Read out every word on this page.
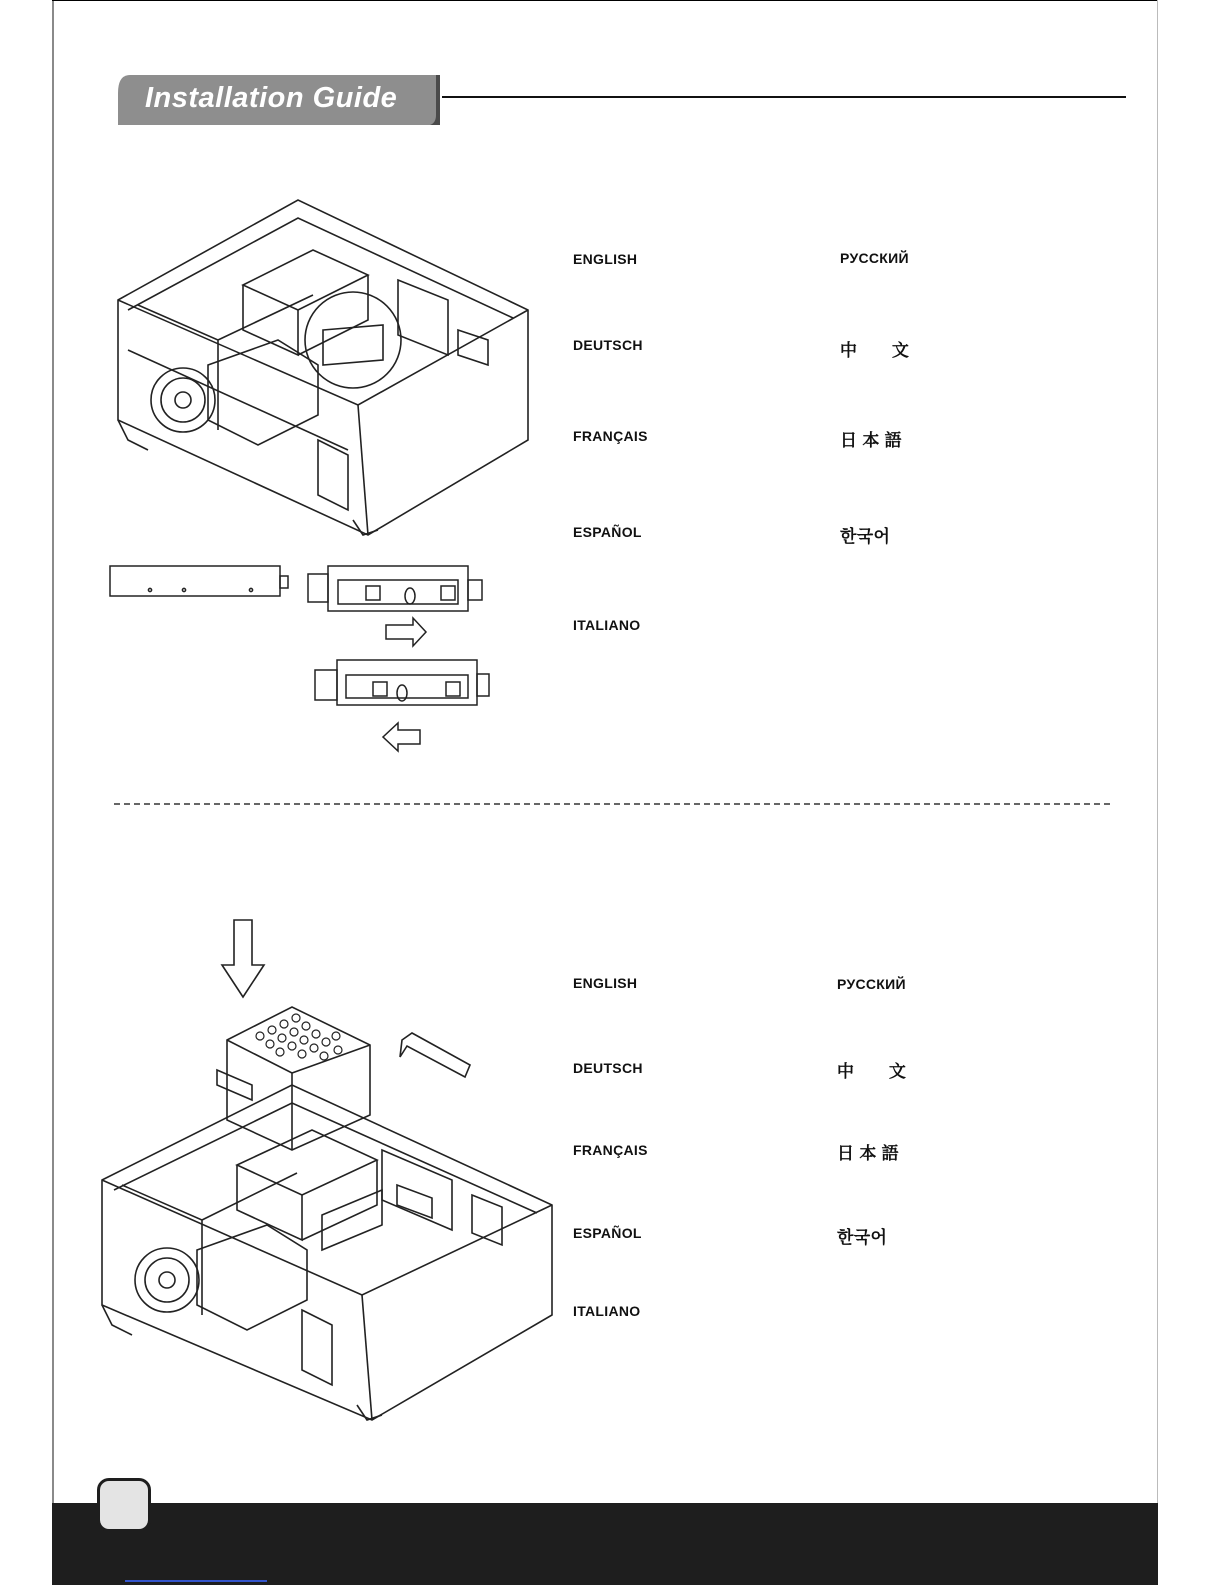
Installation Guide
ENGLISH
DEUTSCH
FRANÇAIS
ESPAÑOL
ITALIANO
РУССКИЙ
中　　文
日 本 語
한국어
ENGLISH
DEUTSCH
FRANÇAIS
ESPAÑOL
ITALIANO
РУССКИЙ
中　　文
日 本 語
한국어
